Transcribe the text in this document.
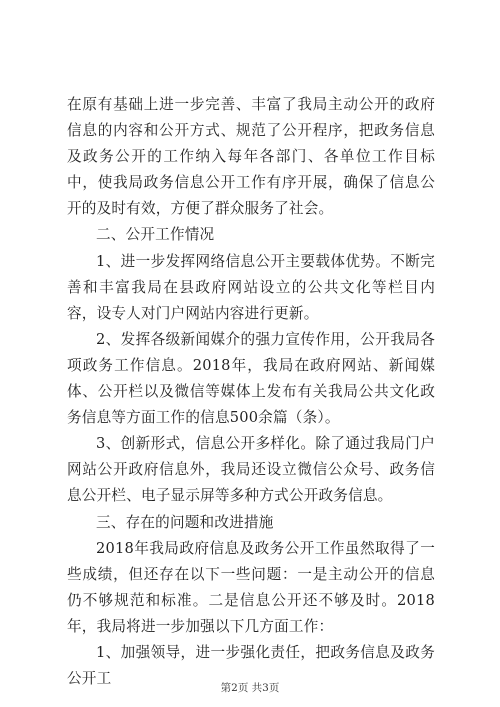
在原有基础上进一步完善、丰富了我局主动公开的政府信息的内容和公开方式、规范了公开程序，把政务信息及政务公开的工作纳入每年各部门、各单位工作目标中，使我局政务信息公开工作有序开展，确保了信息公开的及时有效，方便了群众服务了社会。

二、公开工作情况

1、进一步发挥网络信息公开主要载体优势。不断完善和丰富我局在县政府网站设立的公共文化等栏目内容，设专人对门户网站内容进行更新。

2、发挥各级新闻媒介的强力宣传作用，公开我局各项政务工作信息。2018年，我局在政府网站、新闻媒体、公开栏以及微信等媒体上发布有关我局公共文化政务信息等方面工作的信息500余篇（条）。

3、创新形式，信息公开多样化。除了通过我局门户网站公开政府信息外，我局还设立微信公众号、政务信息公开栏、电子显示屏等多种方式公开政务信息。

三、存在的问题和改进措施

2018年我局政府信息及政务公开工作虽然取得了一些成绩，但还存在以下一些问题：一是主动公开的信息仍不够规范和标准。二是信息公开还不够及时。2018年，我局将进一步加强以下几方面工作：

1、加强领导，进一步强化责任，把政务信息及政务公开工

第2页 共3页
